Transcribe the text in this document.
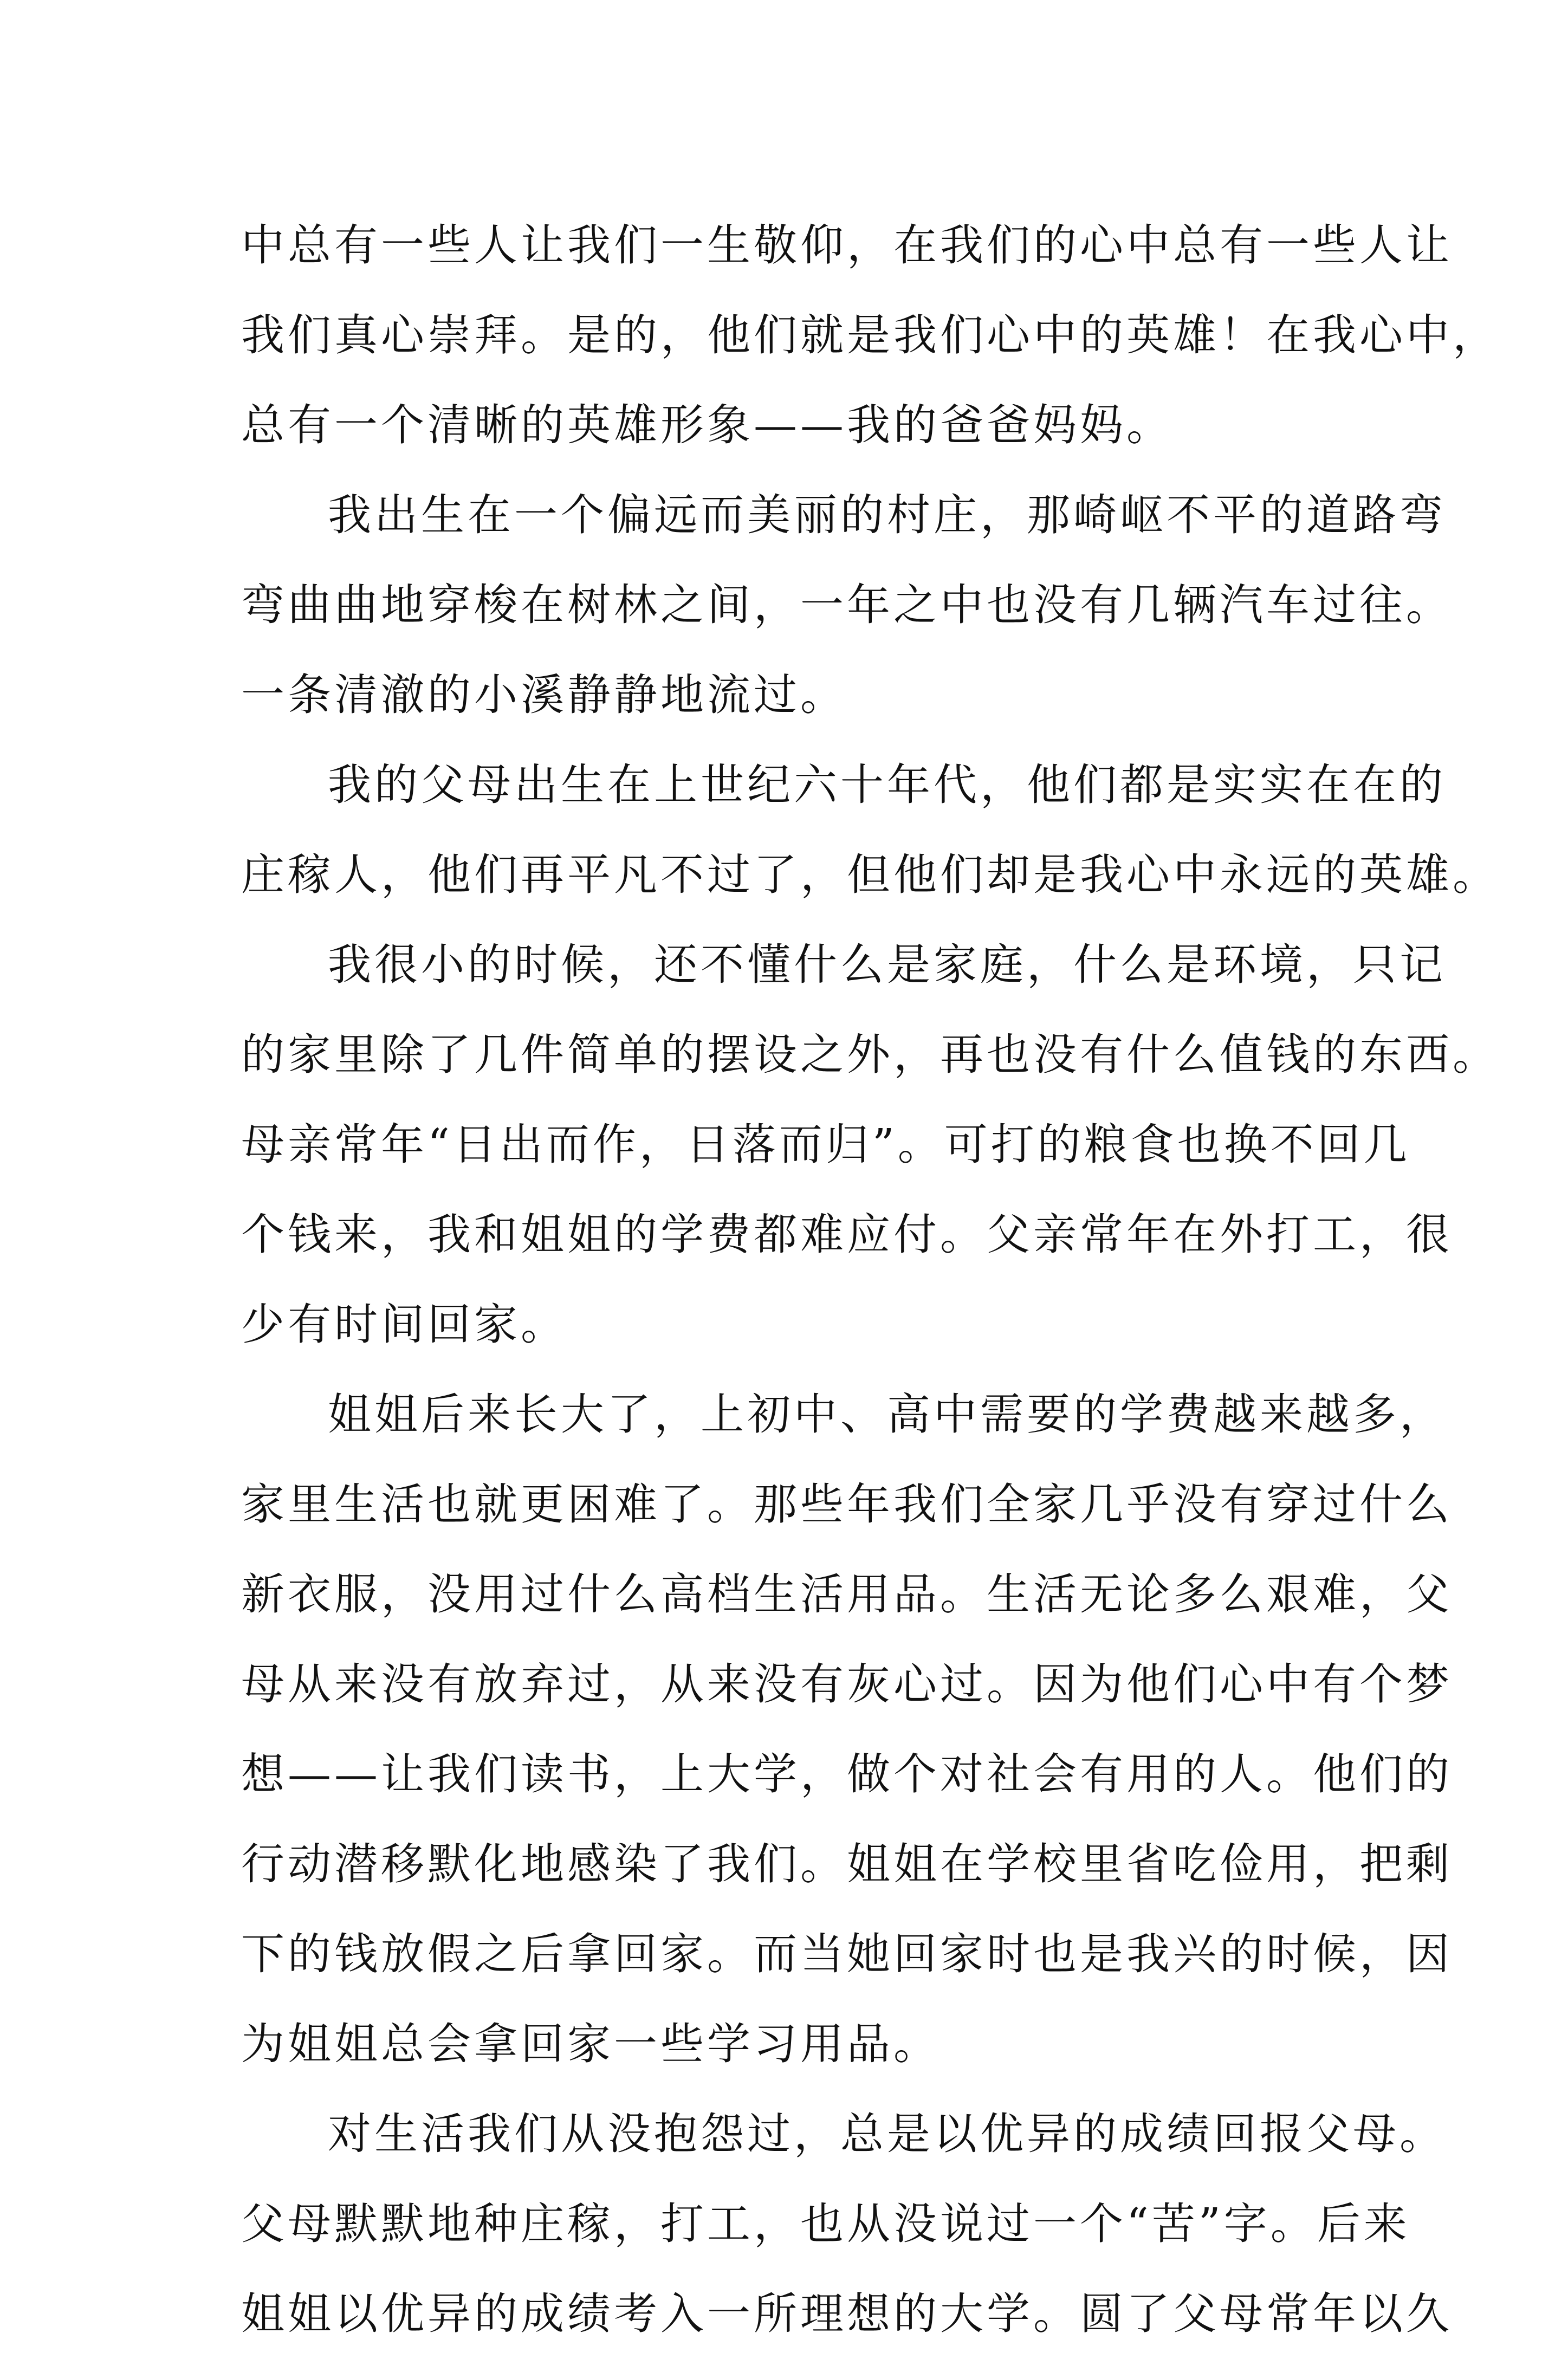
中总有一些人让我们一生敬仰，在我们的心中总有一些人让
我们真心崇拜。是的，他们就是我们心中的英雄！在我心中，
总有一个清晰的英雄形象——我的爸爸妈妈。
我出生在一个偏远而美丽的村庄，那崎岖不平的道路弯
弯曲曲地穿梭在树林之间，一年之中也没有几辆汽车过往。
一条清澈的小溪静静地流过。
我的父母出生在上世纪六十年代，他们都是实实在在的
庄稼人，他们再平凡不过了，但他们却是我心中永远的英雄。
我很小的时候，还不懂什么是家庭，什么是环境，只记
的家里除了几件简单的摆设之外，再也没有什么值钱的东西。
母亲常年“日出而作，日落而归”。可打的粮食也换不回几
个钱来，我和姐姐的学费都难应付。父亲常年在外打工，很
少有时间回家。
姐姐后来长大了，上初中、高中需要的学费越来越多，
家里生活也就更困难了。那些年我们全家几乎没有穿过什么
新衣服，没用过什么高档生活用品。生活无论多么艰难，父
母从来没有放弃过，从来没有灰心过。因为他们心中有个梦
想——让我们读书，上大学，做个对社会有用的人。他们的
行动潜移默化地感染了我们。姐姐在学校里省吃俭用，把剩
下的钱放假之后拿回家。而当她回家时也是我兴的时候，因
为姐姐总会拿回家一些学习用品。
对生活我们从没抱怨过，总是以优异的成绩回报父母。
父母默默地种庄稼，打工，也从没说过一个“苦”字。后来
姐姐以优异的成绩考入一所理想的大学。圆了父母常年以久
